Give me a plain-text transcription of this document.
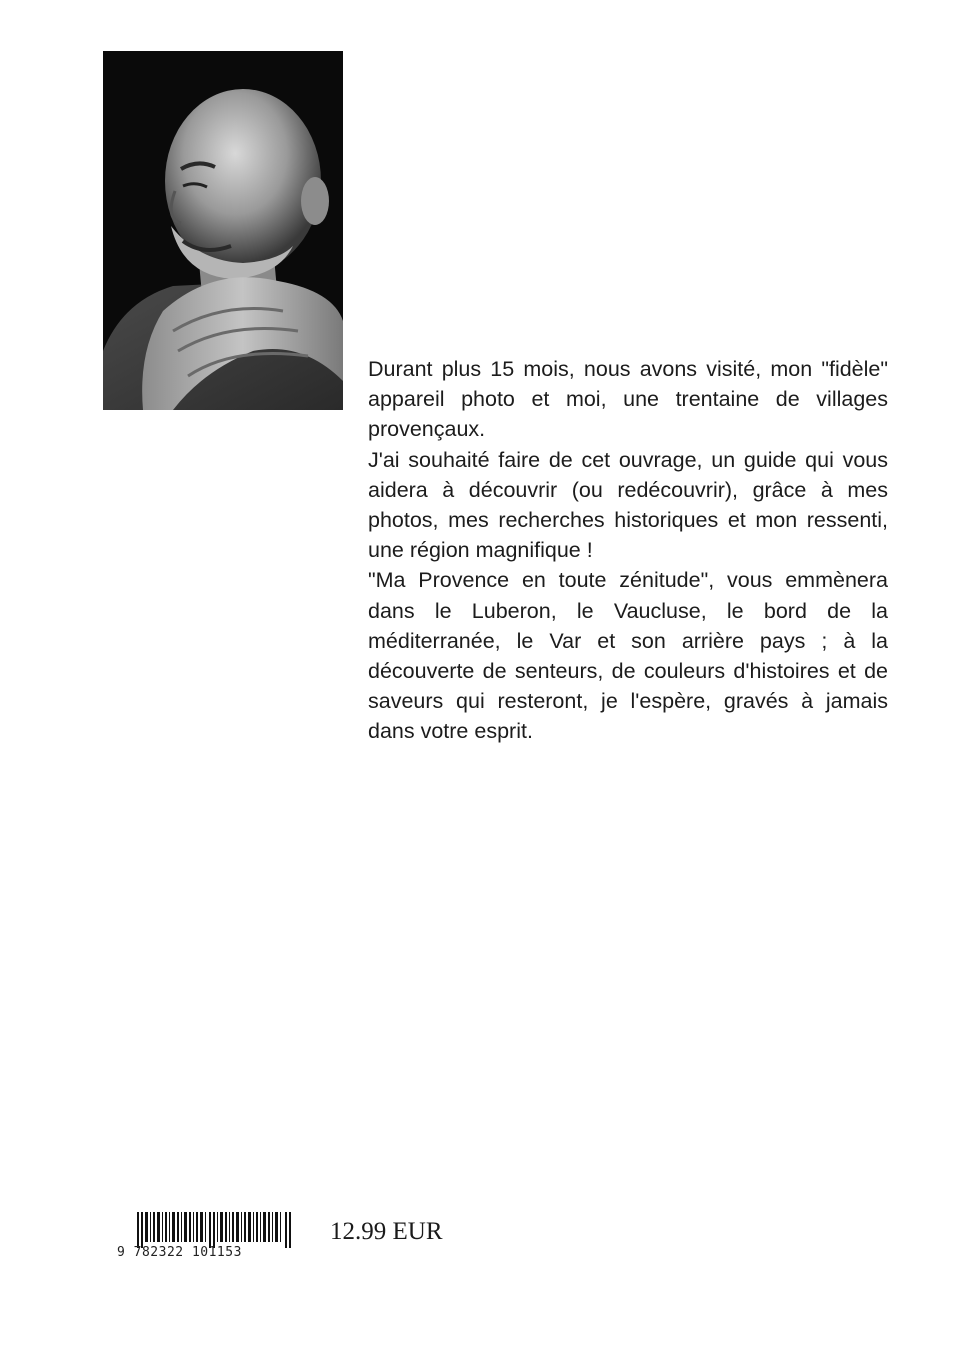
Durant plus 15 mois, nous avons visité, mon "fidèle" appareil photo et moi, une trentaine de villages provençaux.

J'ai souhaité faire de cet ouvrage, un guide qui vous aidera à découvrir (ou redécouvrir), grâce à mes photos, mes recherches historiques et mon ressenti, une région magnifique !

"Ma Provence en toute zénitude", vous emmènera dans le Luberon, le Vaucluse, le bord de la méditerranée, le Var et son arrière pays ; à la découverte de senteurs, de couleurs d'histoires et de saveurs qui resteront, je l'espère, gravés à jamais dans votre esprit.

9 782322 101153
12.99 EUR
